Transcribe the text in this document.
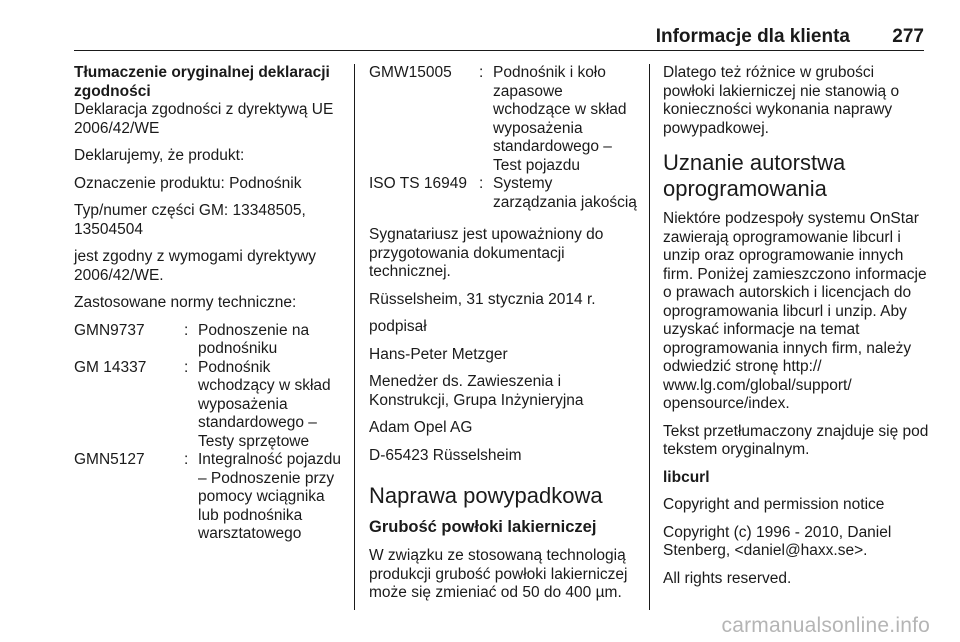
Informacje dla klienta 277

Tłumaczenie oryginalnej deklaracji zgodności

Deklaracja zgodności z dyrektywą UE 2006/42/WE

Deklarujemy, że produkt:

Oznaczenie produktu: Podnośnik

Typ/numer części GM: 13348505, 13504504

jest zgodny z wymogami dyrektywy 2006/42/WE.

Zastosowane normy techniczne:

GMN9737	: Podnoszenie na podnośniku
GM 14337	: Podnośnik wchodzący w skład wyposażenia standardowego – Testy sprzętowe
GMN5127	: Integralność pojazdu – Podnoszenie przy pomocy wciągnika lub podnośnika warsztatowego
GMW15005	: Podnośnik i koło zapasowe wchodzące w skład wyposażenia standardowego – Test pojazdu
ISO TS 16949 : Systemy zarządzania jakością

Sygnatariusz jest upoważniony do przygotowania dokumentacji technicznej.

Rüsselsheim, 31 stycznia 2014 r.

podpisał

Hans-Peter Metzger

Menedżer ds. Zawieszenia i Konstrukcji, Grupa Inżynieryjna

Adam Opel AG

D-65423 Rüsselsheim

Naprawa powypadkowa
Grubość powłoki lakierniczej

W związku ze stosowaną technologią produkcji grubość powłoki lakierniczej może się zmieniać od 50 do 400 µm.

Dlatego też różnice w grubości powłoki lakierniczej nie stanowią o konieczności wykonania naprawy powypadkowej.

Uznanie autorstwa oprogramowania

Niektóre podzespoły systemu OnStar zawierają oprogramowanie libcurl i unzip oraz oprogramowanie innych firm. Poniżej zamieszczono informacje o prawach autorskich i licencjach do oprogramowania libcurl i unzip. Aby uzyskać informacje na temat oprogramowania innych firm, należy odwiedzić stronę http:// www.lg.com/global/support/ opensource/index.

Tekst przetłumaczony znajduje się pod tekstem oryginalnym.

libcurl

Copyright and permission notice

Copyright (c) 1996 - 2010, Daniel Stenberg, <daniel@haxx.se>.

All rights reserved.

carmanualsonline.info
